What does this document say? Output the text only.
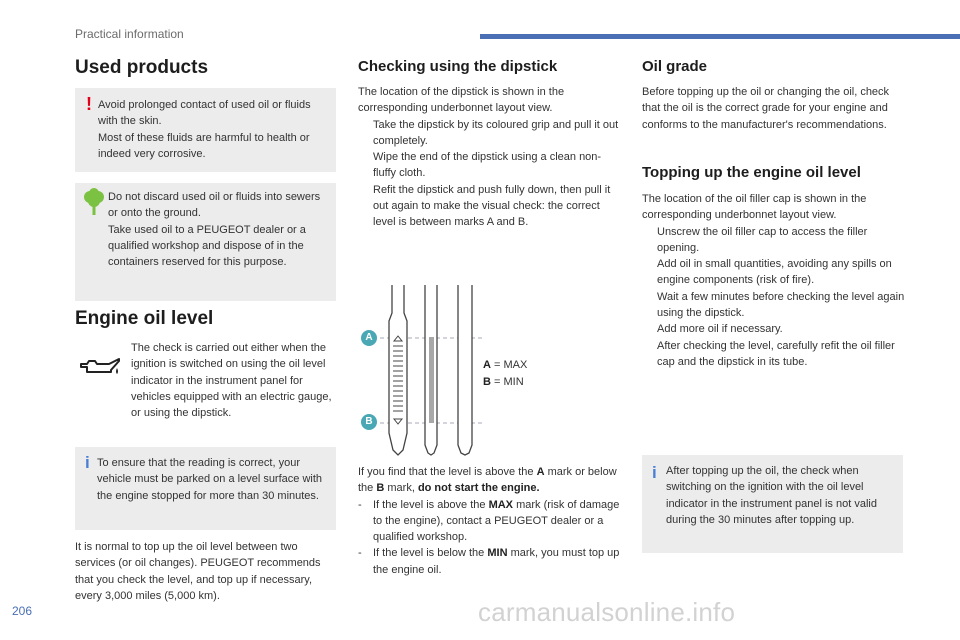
Practical information
Used products
! Avoid prolonged contact of used oil or fluids with the skin.

Most of these fluids are harmful to health or indeed very corrosive.

Do not discard used oil or fluids into sewers or onto the ground.

Take used oil to a PEUGEOT dealer or a qualified workshop and dispose of in the containers reserved for this purpose.

Engine oil level

The check is carried out either when the ignition is switched on using the oil level indicator in the instrument panel for vehicles equipped with an electric gauge, or using the dipstick.

i To ensure that the reading is correct, your vehicle must be parked on a level surface with the engine stopped for more than 30 minutes.

It is normal to top up the oil level between two services (or oil changes). PEUGEOT recommends that you check the level, and top up if necessary, every 3,000 miles (5,000 km).

Checking using the dipstick

The location of the dipstick is shown in the corresponding underbonnet layout view.

Take the dipstick by its coloured grip and pull it out completely.
Wipe the end of the dipstick using a clean non-fluffy cloth.
Refit the dipstick and push fully down, then pull it out again to make the visual check: the correct level is between marks A and B.
A
B
A = MAX
B = MIN

If you find that the level is above the A mark or below the B mark, do not start the engine.

- If the level is above the MAX mark (risk of damage to the engine), contact a PEUGEOT dealer or a qualified workshop.
- If the level is below the MIN mark, you must top up the engine oil.
Oil grade

Before topping up the oil or changing the oil, check that the oil is the correct grade for your engine and conforms to the manufacturer's recommendations.

Topping up the engine oil level

The location of the oil filler cap is shown in the corresponding underbonnet layout view.

Unscrew the oil filler cap to access the filler opening.
Add oil in small quantities, avoiding any spills on engine components (risk of fire).
Wait a few minutes before checking the level again using the dipstick.
Add more oil if necessary.
After checking the level, carefully refit the oil filler cap and the dipstick in its tube.
i After topping up the oil, the check when switching on the ignition with the oil level indicator in the instrument panel is not valid during the 30 minutes after topping up.

206	carmanualsonline.info
